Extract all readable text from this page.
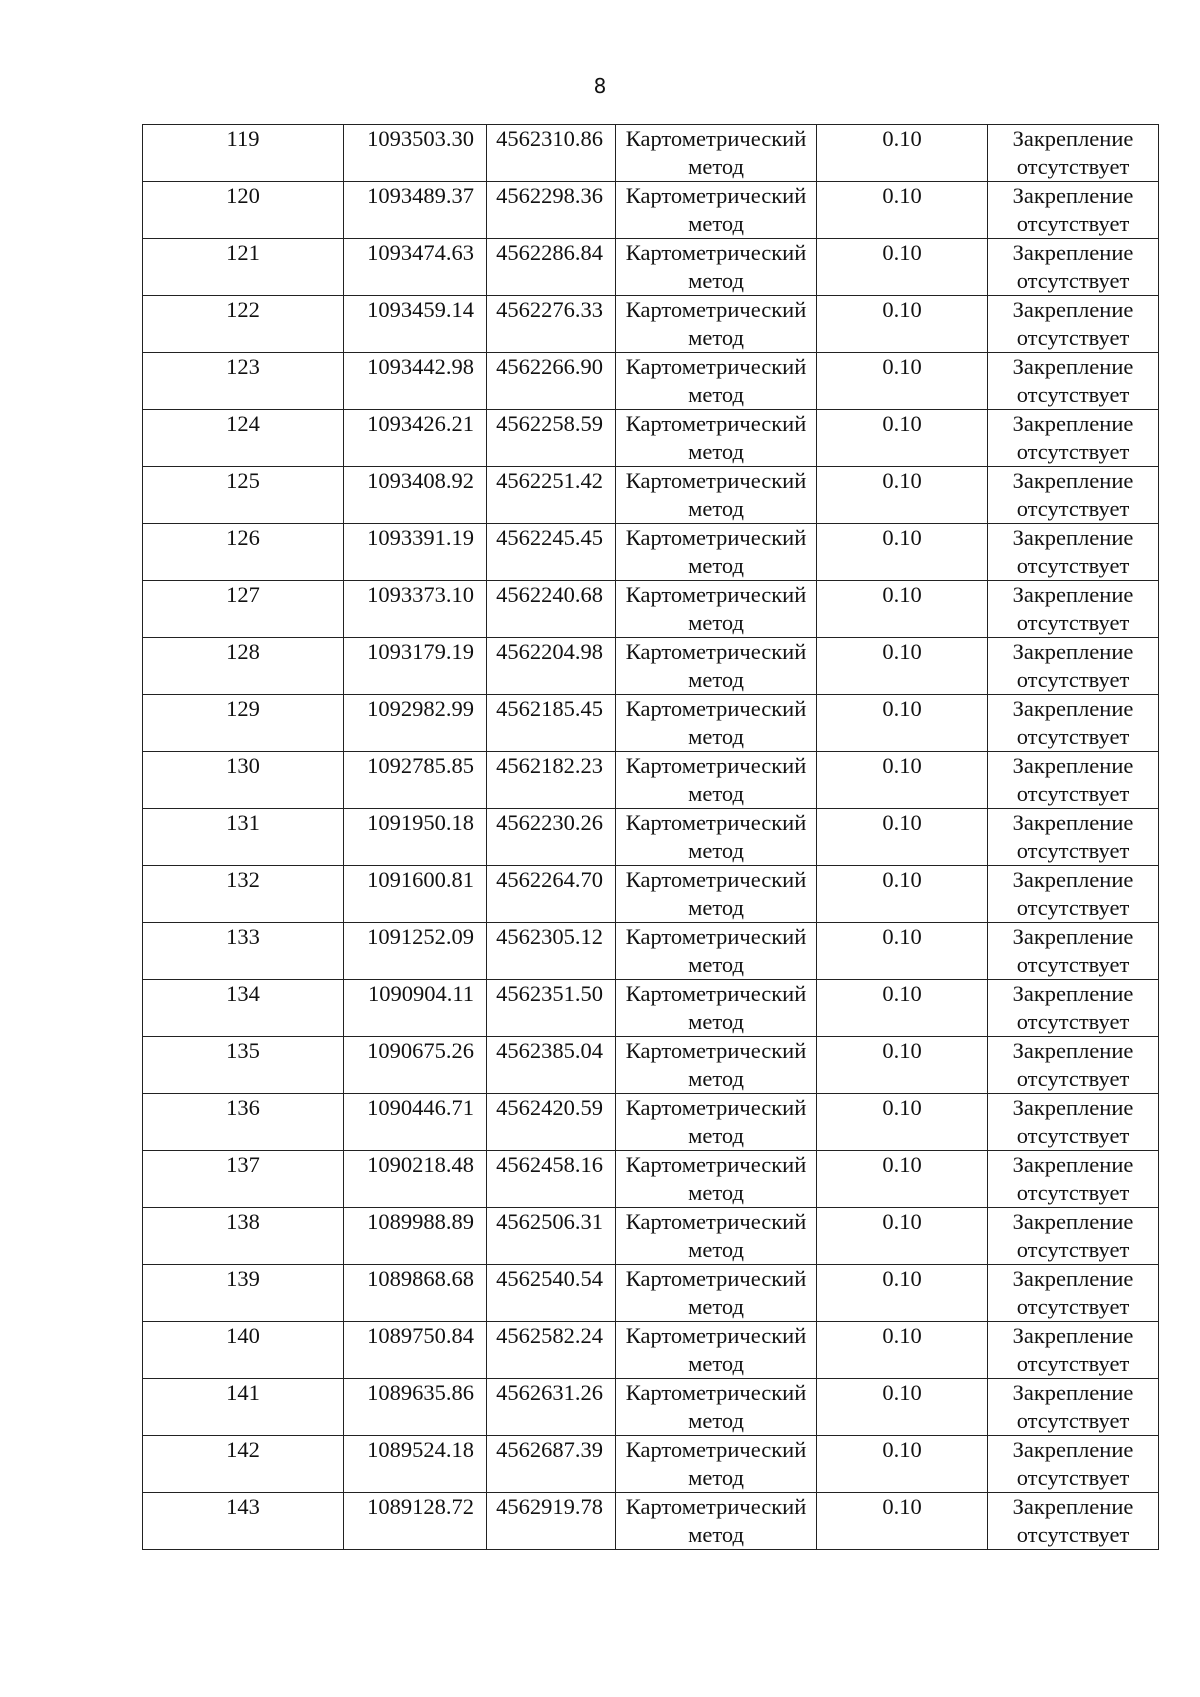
8
119	1093503.30	4562310.86	Картометрический
метод	0.10	Закрепление
отсутствует

120	1093489.37	4562298.36	Картометрический
метод	0.10	Закрепление
отсутствует

121	1093474.63	4562286.84	Картометрический
метод	0.10	Закрепление
отсутствует

122	1093459.14	4562276.33	Картометрический
метод	0.10	Закрепление
отсутствует

123	1093442.98	4562266.90	Картометрический
метод	0.10	Закрепление
отсутствует

124	1093426.21	4562258.59	Картометрический
метод	0.10	Закрепление
отсутствует

125	1093408.92	4562251.42	Картометрический
метод	0.10	Закрепление
отсутствует

126	1093391.19	4562245.45	Картометрический
метод	0.10	Закрепление
отсутствует

127	1093373.10	4562240.68	Картометрический
метод	0.10	Закрепление
отсутствует

128	1093179.19	4562204.98	Картометрический
метод	0.10	Закрепление
отсутствует

129	1092982.99	4562185.45	Картометрический
метод	0.10	Закрепление
отсутствует

130	1092785.85	4562182.23	Картометрический
метод	0.10	Закрепление
отсутствует

131	1091950.18	4562230.26	Картометрический
метод	0.10	Закрепление
отсутствует

132	1091600.81	4562264.70	Картометрический
метод	0.10	Закрепление
отсутствует

133	1091252.09	4562305.12	Картометрический
метод	0.10	Закрепление
отсутствует

134	1090904.11	4562351.50	Картометрический
метод	0.10	Закрепление
отсутствует

135	1090675.26	4562385.04	Картометрический
метод	0.10	Закрепление
отсутствует

136	1090446.71	4562420.59	Картометрический
метод	0.10	Закрепление
отсутствует

137	1090218.48	4562458.16	Картометрический
метод	0.10	Закрепление
отсутствует

138	1089988.89	4562506.31	Картометрический
метод	0.10	Закрепление
отсутствует

139	1089868.68	4562540.54	Картометрический
метод	0.10	Закрепление
отсутствует

140	1089750.84	4562582.24	Картометрический
метод	0.10	Закрепление
отсутствует

141	1089635.86	4562631.26	Картометрический
метод	0.10	Закрепление
отсутствует

142	1089524.18	4562687.39	Картометрический
метод	0.10	Закрепление
отсутствует

143	1089128.72	4562919.78	Картометрический
метод	0.10	Закрепление
отсутствует
